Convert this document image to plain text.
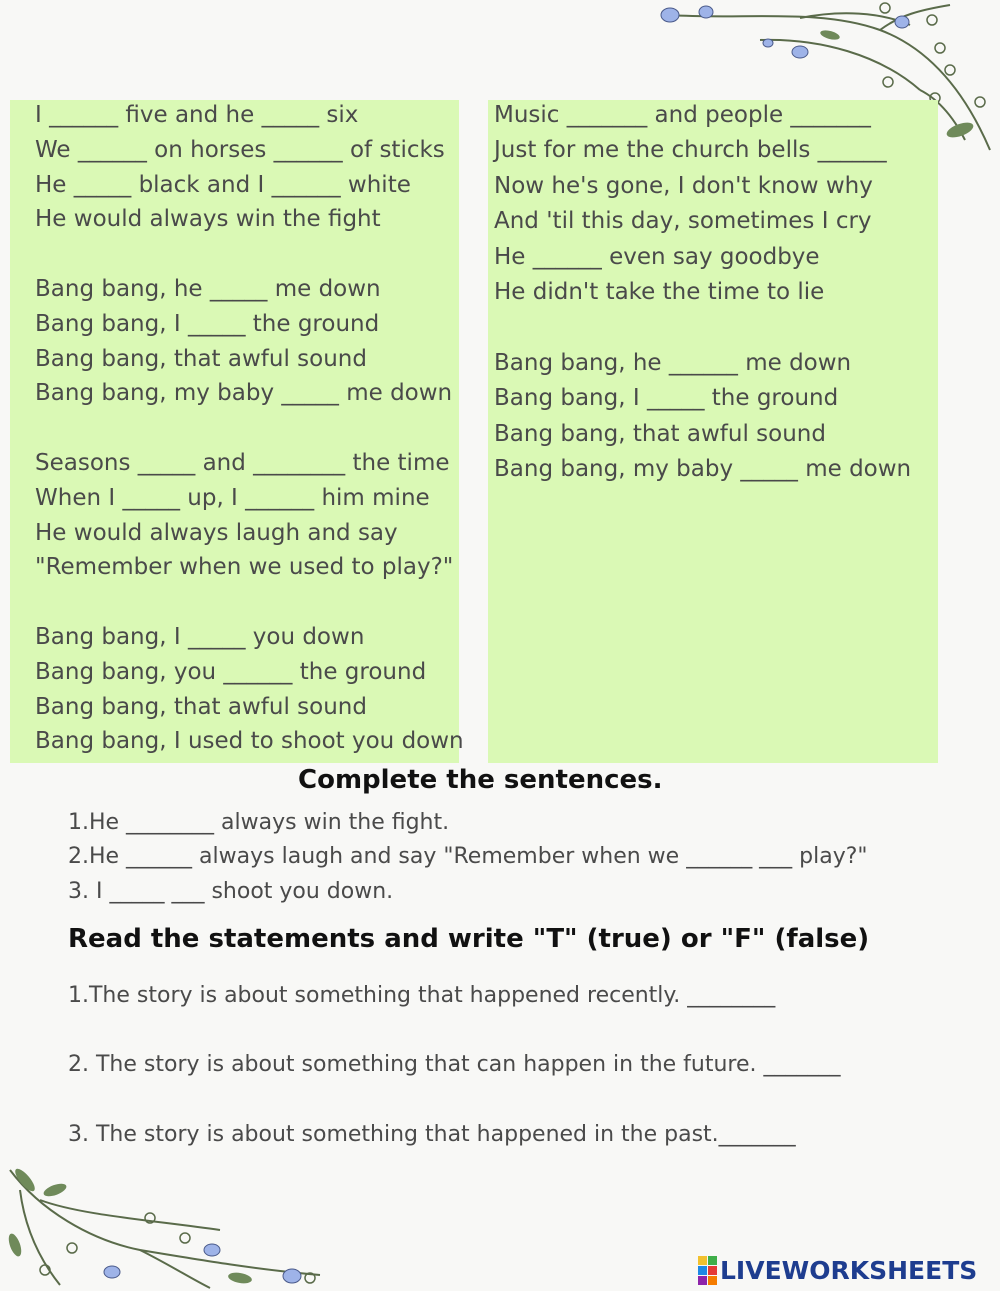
I ______ five and he _____ six
We ______ on horses ______ of sticks
He _____ black and I ______ white
He would always win the fight
Bang bang, he _____ me down
Bang bang, I _____ the ground
Bang bang, that awful sound
Bang bang, my baby _____ me down
Seasons _____ and ________ the time
When I _____ up, I ______ him mine
He would always laugh and say
"Remember when we used to play?"
Bang bang, I _____ you down
Bang bang, you ______ the ground
Bang bang, that awful sound
Bang bang, I used to shoot you down
Music _______ and people _______
Just for me the church bells ______
Now he's gone, I don't know why
And 'til this day, sometimes I cry
He ______ even say goodbye
He didn't take the time to lie
Bang bang, he ______ me down
Bang bang, I _____ the ground
Bang bang, that awful sound
Bang bang, my baby _____ me down
Complete the sentences.
1.He ________ always win the fight.
2.He ______ always laugh and say "Remember when we ______ ___ play?"
3. I _____ ___ shoot you down.
Read the statements and write "T" (true) or "F" (false)
1.The story is about something that happened recently. ________
2. The story is about something that can happen in the future. _______
3. The story is about something that happened in the past._______
LIVEWORKSHEETS
